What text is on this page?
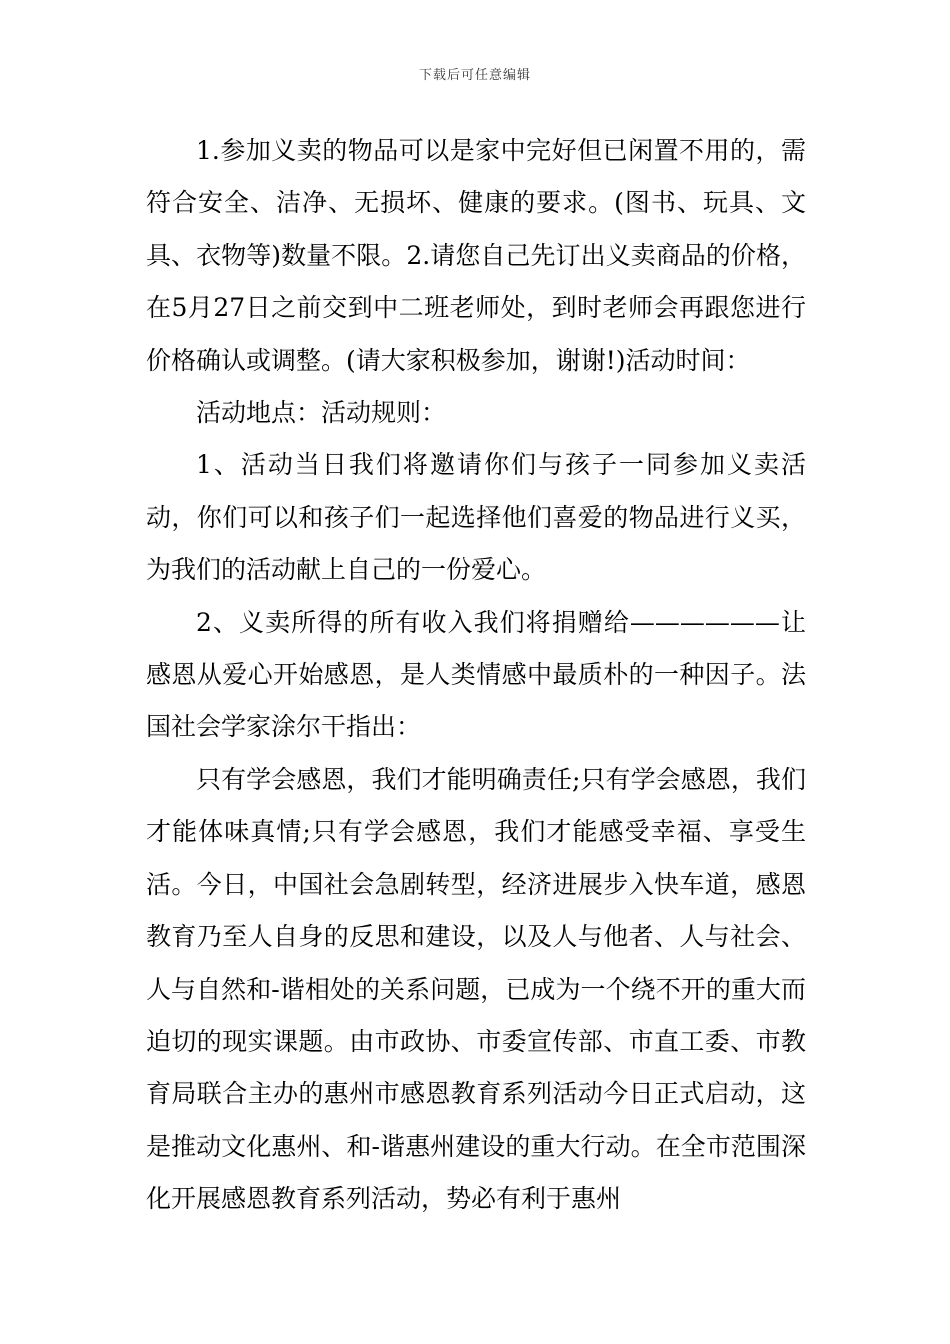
下载后可任意编辑

1.参加义卖的物品可以是家中完好但已闲置不用的，需符合安全、洁净、无损坏、健康的要求。(图书、玩具、文具、衣物等)数量不限。2.请您自己先订出义卖商品的价格，在5月27日之前交到中二班老师处，到时老师会再跟您进行价格确认或调整。(请大家积极参加，谢谢!)活动时间：

活动地点：活动规则：

1、活动当日我们将邀请你们与孩子一同参加义卖活动，你们可以和孩子们一起选择他们喜爱的物品进行义买，为我们的活动献上自己的一份爱心。

2、义卖所得的所有收入我们将捐赠给——————让感恩从爱心开始感恩，是人类情感中最质朴的一种因子。法国社会学家涂尔干指出：

只有学会感恩，我们才能明确责任;只有学会感恩，我们才能体味真情;只有学会感恩，我们才能感受幸福、享受生活。今日，中国社会急剧转型，经济进展步入快车道，感恩教育乃至人自身的反思和建设，以及人与他者、人与社会、人与自然和-谐相处的关系问题，已成为一个绕不开的重大而迫切的现实课题。由市政协、市委宣传部、市直工委、市教育局联合主办的惠州市感恩教育系列活动今日正式启动，这是推动文化惠州、和-谐惠州建设的重大行动。在全市范围深化开展感恩教育系列活动，势必有利于惠州
